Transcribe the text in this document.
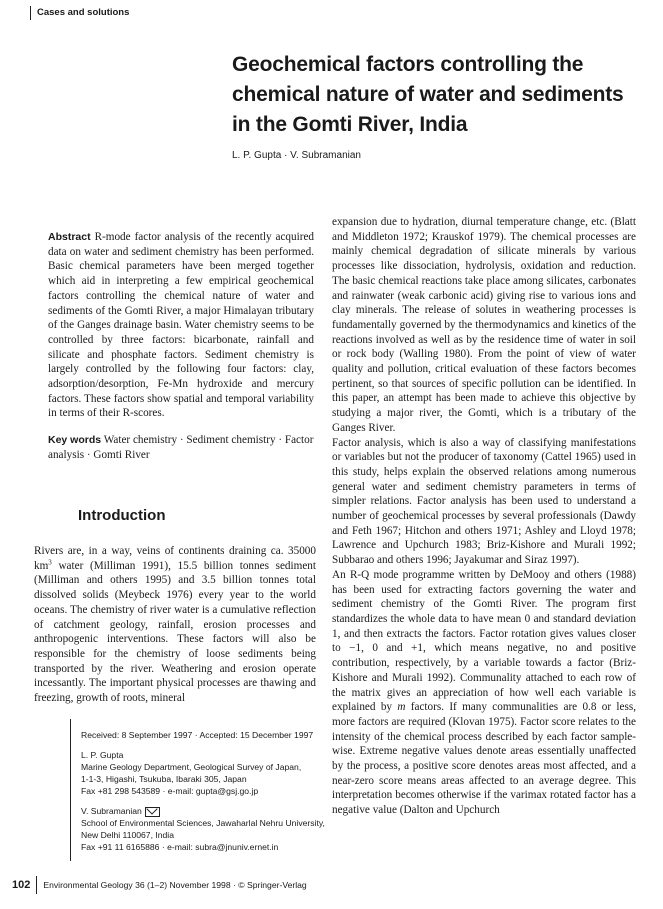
Cases and solutions
Geochemical factors controlling the chemical nature of water and sediments in the Gomti River, India
L. P. Gupta · V. Subramanian

Abstract R-mode factor analysis of the recently acquired data on water and sediment chemistry has been performed. Basic chemical parameters have been merged together which aid in interpreting a few empirical geochemical factors controlling the chemical nature of water and sediments of the Gomti River, a major Himalayan tributary of the Ganges drainage basin. Water chemistry seems to be controlled by three factors: bicarbonate, rainfall and silicate and phosphate factors. Sediment chemistry is largely controlled by the following four factors: clay, adsorption/desorption, Fe-Mn hydroxide and mercury factors. These factors show spatial and temporal variability in terms of their R-scores.

Key words Water chemistry · Sediment chemistry · Factor analysis · Gomti River

Introduction

Rivers are, in a way, veins of continents draining ca. 35000 $km^3$ water (Milliman 1991), 15.5 billion tonnes sediment (Milliman and others 1995) and 3.5 billion tonnes total dissolved solids (Meybeck 1976) every year to the world oceans. The chemistry of river water is a cumulative reflection of catchment geology, rainfall, erosion processes and anthropogenic interventions. These factors will also be responsible for the chemistry of loose sediments being transported by the river. Weathering and erosion operate incessantly. The important physical processes are thawing and freezing, growth of roots, mineral

expansion due to hydration, diurnal temperature change, etc. (Blatt and Middleton 1972; Krauskof 1979). The chemical processes are mainly chemical degradation of silicate minerals by various processes like dissociation, hydrolysis, oxidation and reduction. The basic chemical reactions take place among silicates, carbonates and rainwater (weak carbonic acid) giving rise to various ions and clay minerals. The release of solutes in weathering processes is fundamentally governed by the thermodynamics and kinetics of the reactions involved as well as by the residence time of water in soil or rock body (Walling 1980). From the point of view of water quality and pollution, critical evaluation of these factors becomes pertinent, so that sources of specific pollution can be identified. In this paper, an attempt has been made to achieve this objective by studying a major river, the Gomti, which is a tributary of the Ganges River.

Factor analysis, which is also a way of classifying manifestations or variables but not the producer of taxonomy (Cattel 1965) used in this study, helps explain the observed relations among numerous general water and sediment chemistry parameters in terms of simpler relations. Factor analysis has been used to understand a number of geochemical processes by several professionals (Dawdy and Feth 1967; Hitchon and others 1971; Ashley and Lloyd 1978; Lawrence and Upchurch 1983; Briz-Kishore and Murali 1992; Subbarao and others 1996; Jayakumar and Siraz 1997).

An R-Q mode programme written by DeMooy and others (1988) has been used for extracting factors governing the water and sediment chemistry of the Gomti River. The program first standardizes the whole data to have mean 0 and standard deviation 1, and then extracts the factors. Factor rotation gives values closer to −1, 0 and +1, which means negative, no and positive contribution, respectively, by a variable towards a factor (Briz-Kishore and Murali 1992). Communality attached to each row of the matrix gives an appreciation of how well each variable is explained by m factors. If many communalities are 0.8 or less, more factors are required (Klovan 1975). Factor score relates to the intensity of the chemical process described by each factor sample-wise. Extreme negative values denote areas essentially unaffected by the process, a positive score denotes areas most affected, and a near-zero score means areas affected to an average degree. This interpretation becomes otherwise if the varimax rotated factor has a negative value (Dalton and Upchurch

Received: 8 September 1997 · Accepted: 15 December 1997
L. P. Gupta
Marine Geology Department, Geological Survey of Japan,
1-1-3, Higashi, Tsukuba, Ibaraki 305, Japan
Fax +81 298 543589 · e-mail: gupta@gsj.go.jp
V. Subramanian
School of Environmental Sciences, Jawaharlal Nehru University,
New Delhi 110067, India
Fax +91 11 6165886 · e-mail: subra@jnuniv.ernet.in
102	Environmental Geology 36 (1–2) November 1998 · © Springer-Verlag
